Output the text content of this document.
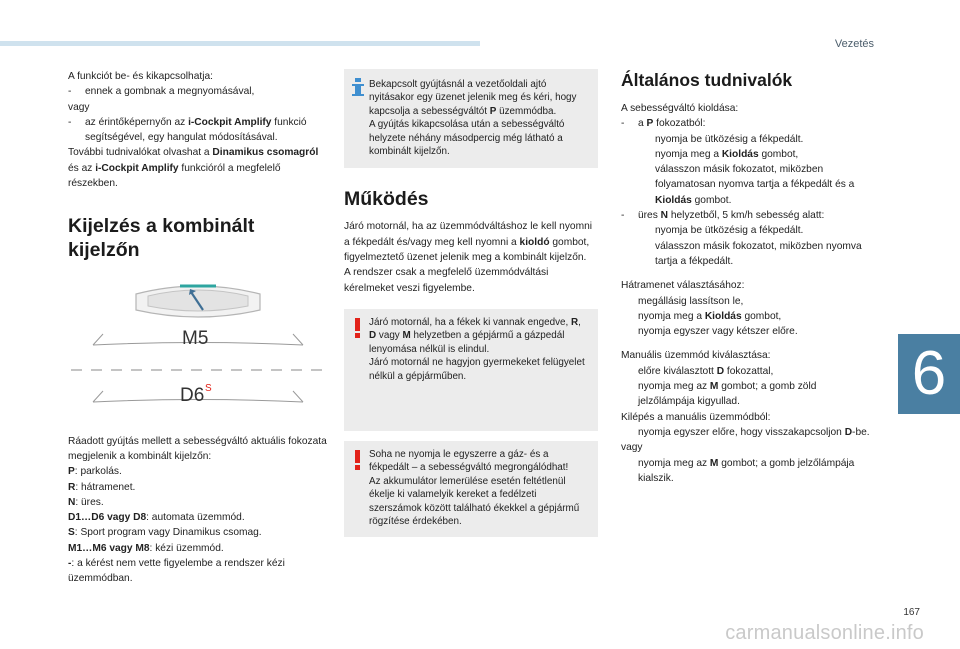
Vezetés
6
167
carmanualsonline.info

A funkciót be- és kikapcsolhatja:

-	ennek a gombnak a megnyomásával,

vagy

-	az érintőképernyőn az i-Cockpit Amplify funkció segítségével, egy hangulat módosításával.

További tudnivalókat olvashat a Dinamikus csomagról és az i-Cockpit Amplify funkcióról a megfelelő részekben.

Kijelzés a kombinált kijelzőn
M5
D6 S

Ráadott gyújtás mellett a sebességváltó aktuális fokozata megjelenik a kombinált kijelzőn:

P: parkolás.

R: hátramenet.

N: üres.

D1…D6 vagy D8: automata üzemmód.

S: Sport program vagy Dinamikus csomag.

M1…M6 vagy M8: kézi üzemmód.

-: a kérést nem vette figyelembe a rendszer kézi üzemmódban.

Bekapcsolt gyújtásnál a vezetőoldali ajtó nyitásakor egy üzenet jelenik meg és kéri, hogy kapcsolja a sebességváltót P üzemmódba.

A gyújtás kikapcsolása után a sebességváltó helyzete néhány másodpercig még látható a kombinált kijelzőn.

Működés

Járó motornál, ha az üzemmódváltáshoz le kell nyomni a fékpedált és/vagy meg kell nyomni a kioldó gombot, figyelmeztető üzenet jelenik meg a kombinált kijelzőn.

A rendszer csak a megfelelő üzemmódváltási kérelmeket veszi figyelembe.

Járó motornál, ha a fékek ki vannak engedve, R, D vagy M helyzetben a gépjármű a gázpedál lenyomása nélkül is elindul.

Járó motornál ne hagyjon gyermekeket felügyelet nélkül a gépjárműben.

Soha ne nyomja le egyszerre a gáz- és a fékpedált – a sebességváltó megrongálódhat!

Az akkumulátor lemerülése esetén feltétlenül ékelje ki valamelyik kereket a fedélzeti szerszámok között található ékekkel a gépjármű rögzítése érdekében.

Általános tudnivalók

A sebességváltó kioldása:

-	a P fokozatból:
nyomja be ütközésig a fékpedált.
nyomja meg a Kioldás gombot,
válasszon másik fokozatot, miközben folyamatosan nyomva tartja a fékpedált és a Kioldás gombot.
-	üres N helyzetből, 5 km/h sebesség alatt:
nyomja be ütközésig a fékpedált.
válasszon másik fokozatot, miközben nyomva tartja a fékpedált.

Hátramenet választásához:

megállásig lassítson le,
nyomja meg a Kioldás gombot,
nyomja egyszer vagy kétszer előre.

Manuális üzemmód kiválasztása:

előre kiválasztott D fokozattal,
nyomja meg az M gombot; a gomb zöld jelzőlámpája kigyullad.

Kilépés a manuális üzemmódból:

nyomja egyszer előre, hogy visszakapcsoljon D-be.

vagy

nyomja meg az M gombot; a gomb jelzőlámpája kialszik.
